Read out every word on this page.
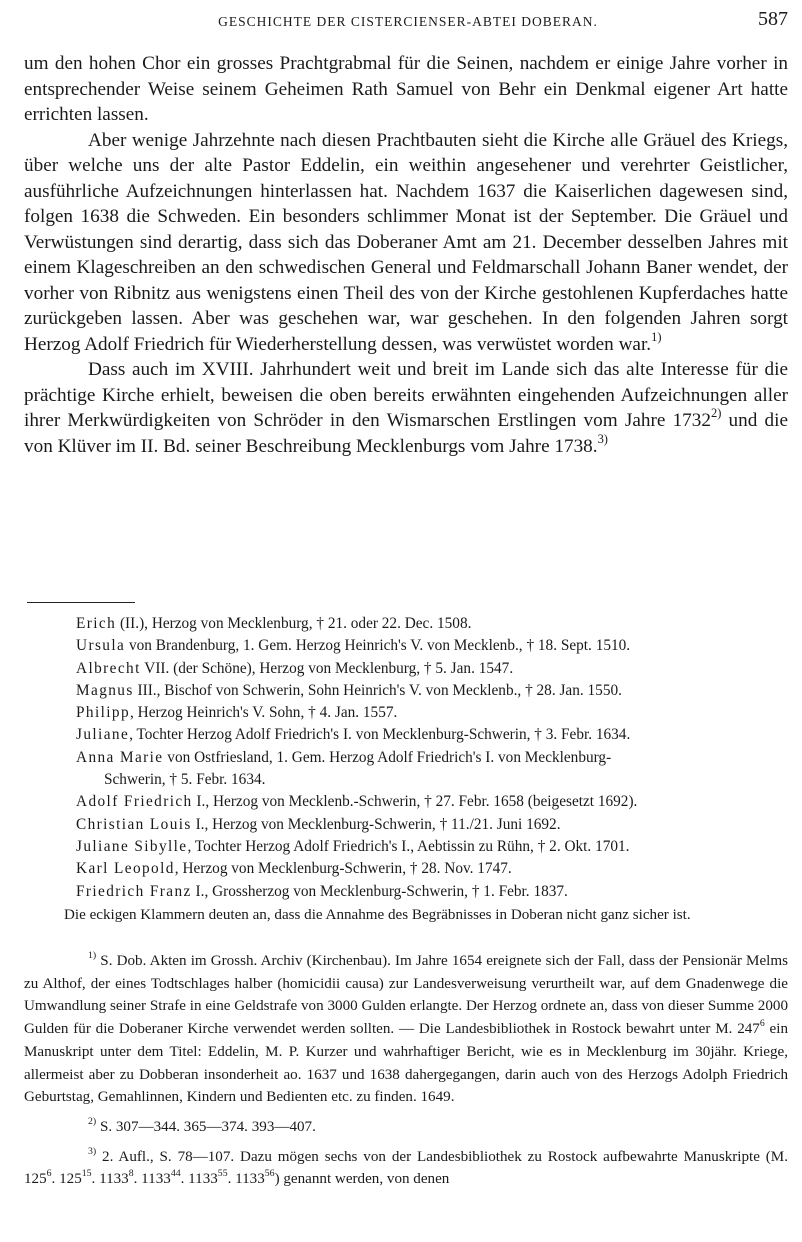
GESCHICHTE DER CISTERCIENSER-ABTEI DOBERAN.	587

um den hohen Chor ein grosses Prachtgrabmal für die Seinen, nachdem er einige Jahre vorher in entsprechender Weise seinem Geheimen Rath Samuel von Behr ein Denkmal eigener Art hatte errichten lassen.

Aber wenige Jahrzehnte nach diesen Prachtbauten sieht die Kirche alle Gräuel des Kriegs, über welche uns der alte Pastor Eddelin, ein weithin angesehener und verehrter Geistlicher, ausführliche Aufzeichnungen hinterlassen hat. Nachdem 1637 die Kaiserlichen dagewesen sind, folgen 1638 die Schweden. Ein besonders schlimmer Monat ist der September. Die Gräuel und Verwüstungen sind derartig, dass sich das Doberaner Amt am 21. December desselben Jahres mit einem Klageschreiben an den schwedischen General und Feldmarschall Johann Baner wendet, der vorher von Ribnitz aus wenigstens einen Theil des von der Kirche gestohlenen Kupferdaches hatte zurückgeben lassen. Aber was geschehen war, war geschehen. In den folgenden Jahren sorgt Herzog Adolf Friedrich für Wiederherstellung dessen, was verwüstet worden war.$^{1)}$

Dass auch im XVIII. Jahrhundert weit und breit im Lande sich das alte Interesse für die prächtige Kirche erhielt, beweisen die oben bereits erwähnten eingehenden Aufzeichnungen aller ihrer Merkwürdigkeiten von Schröder in den Wismarschen Erstlingen vom Jahre 1732$^{2)}$ und die von Klüver im II. Bd. seiner Beschreibung Mecklenburgs vom Jahre 1738.$^{3)}$

Erich (II.), Herzog von Mecklenburg, † 21. oder 22. Dec. 1508.
Ursula von Brandenburg, 1. Gem. Herzog Heinrich's V. von Mecklenb., † 18. Sept. 1510.
Albrecht VII. (der Schöne), Herzog von Mecklenburg, † 5. Jan. 1547.
Magnus III., Bischof von Schwerin, Sohn Heinrich's V. von Mecklenb., † 28. Jan. 1550.
Philipp, Herzog Heinrich's V. Sohn, † 4. Jan. 1557.
Juliane, Tochter Herzog Adolf Friedrich's I. von Mecklenburg-Schwerin, † 3. Febr. 1634.
Anna Marie von Ostfriesland, 1. Gem. Herzog Adolf Friedrich's I. von Mecklenburg-
Schwerin, † 5. Febr. 1634.
Adolf Friedrich I., Herzog von Mecklenb.-Schwerin, † 27. Febr. 1658 (beigesetzt 1692).
Christian Louis I., Herzog von Mecklenburg-Schwerin, † 11./21. Juni 1692.
Juliane Sibylle, Tochter Herzog Adolf Friedrich's I., Aebtissin zu Rühn, † 2. Okt. 1701.
Karl Leopold, Herzog von Mecklenburg-Schwerin, † 28. Nov. 1747.
Friedrich Franz I., Grossherzog von Mecklenburg-Schwerin, † 1. Febr. 1837.
Die eckigen Klammern deuten an, dass die Annahme des Begräbnisses in Doberan nicht ganz sicher ist.

$^{1)}$ S. Dob. Akten im Grossh. Archiv (Kirchenbau). Im Jahre 1654 ereignete sich der Fall, dass der Pensionär Melms zu Althof, der eines Todtschlages halber (homicidii causa) zur Landesverweisung verurtheilt war, auf dem Gnadenwege die Umwandlung seiner Strafe in eine Geldstrafe von 3000 Gulden erlangte. Der Herzog ordnete an, dass von dieser Summe 2000 Gulden für die Doberaner Kirche verwendet werden sollten. — Die Landesbibliothek in Rostock bewahrt unter M. $247^6$ ein Manuskript unter dem Titel: Eddelin, M. P. Kurzer und wahrhaftiger Bericht, wie es in Mecklenburg im 30jähr. Kriege, allermeist aber zu Dobberan insonderheit ao. 1637 und 1638 dahergegangen, darin auch von des Herzogs Adolph Friedrich Geburtstag, Gemahlinnen, Kindern und Bedienten etc. zu finden. 1649.

$^{2)}$ S. 307—344. 365—374. 393—407.

$^{3)}$ 2. Aufl., S. 78—107. Dazu mögen sechs von der Landesbibliothek zu Rostock aufbewahrte Manuskripte (M. $125^6$. $125^{15}$. 1133$^8$. 1133$^{44}$. 1133$^{55}$. 1133$^{56}$) genannt werden, von denen
